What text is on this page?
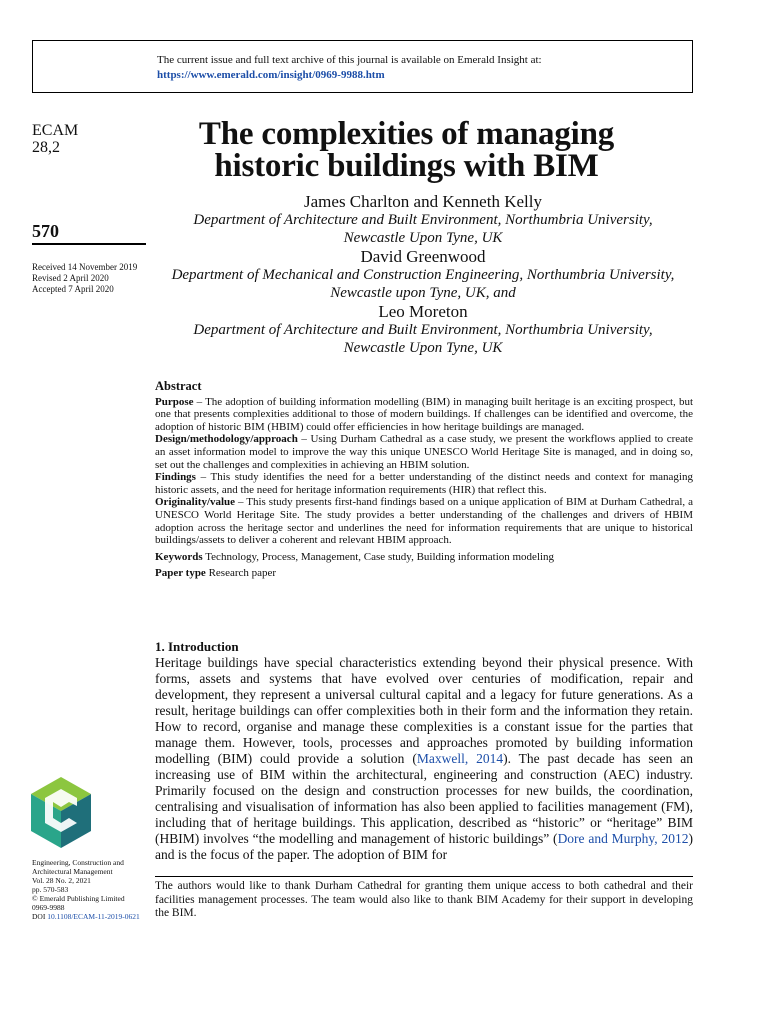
The current issue and full text archive of this journal is available on Emerald Insight at:
https://www.emerald.com/insight/0969-9988.htm
ECAM
28,2
570
Received 14 November 2019
Revised 2 April 2020
Accepted 7 April 2020
Engineering, Construction and
Architectural Management
Vol. 28 No. 2, 2021
pp. 570-583
© Emerald Publishing Limited
0969-9988
DOI 10.1108/ECAM-11-2019-0621
The complexities of managing
historic buildings with BIM
James Charlton and Kenneth Kelly
Department of Architecture and Built Environment, Northumbria University,
Newcastle Upon Tyne, UK
David Greenwood
Department of Mechanical and Construction Engineering, Northumbria University,
Newcastle upon Tyne, UK, and
Leo Moreton
Department of Architecture and Built Environment, Northumbria University,
Newcastle Upon Tyne, UK
Abstract

Purpose – The adoption of building information modelling (BIM) in managing built heritage is an exciting prospect, but one that presents complexities additional to those of modern buildings. If challenges can be identified and overcome, the adoption of historic BIM (HBIM) could offer efficiencies in how heritage buildings are managed.

Design/methodology/approach – Using Durham Cathedral as a case study, we present the workflows applied to create an asset information model to improve the way this unique UNESCO World Heritage Site is managed, and in doing so, set out the challenges and complexities in achieving an HBIM solution.

Findings – This study identifies the need for a better understanding of the distinct needs and context for managing historic assets, and the need for heritage information requirements (HIR) that reflect this.

Originality/value – This study presents first-hand findings based on a unique application of BIM at Durham Cathedral, a UNESCO World Heritage Site. The study provides a better understanding of the challenges and drivers of HBIM adoption across the heritage sector and underlines the need for information requirements that are unique to historical buildings/assets to deliver a coherent and relevant HBIM approach.

Keywords Technology, Process, Management, Case study, Building information modeling

Paper type Research paper

1. Introduction
Heritage buildings have special characteristics extending beyond their physical presence. With forms, assets and systems that have evolved over centuries of modification, repair and development, they represent a universal cultural capital and a legacy for future generations. As a result, heritage buildings can offer complexities both in their form and the information they retain. How to record, organise and manage these complexities is a constant issue for the parties that manage them. However, tools, processes and approaches promoted by building information modelling (BIM) could provide a solution (Maxwell, 2014). The past decade has seen an increasing use of BIM within the architectural, engineering and construction (AEC) industry. Primarily focused on the design and construction processes for new builds, the coordination, centralising and visualisation of information has also been applied to facilities management (FM), including that of heritage buildings. This application, described as “historic” or “heritage” BIM (HBIM) involves “the modelling and management of historic buildings” (Dore and Murphy, 2012) and is the focus of the paper. The adoption of BIM for
The authors would like to thank Durham Cathedral for granting them unique access to both cathedral and their facilities management processes. The team would also like to thank BIM Academy for their support in developing the BIM.
